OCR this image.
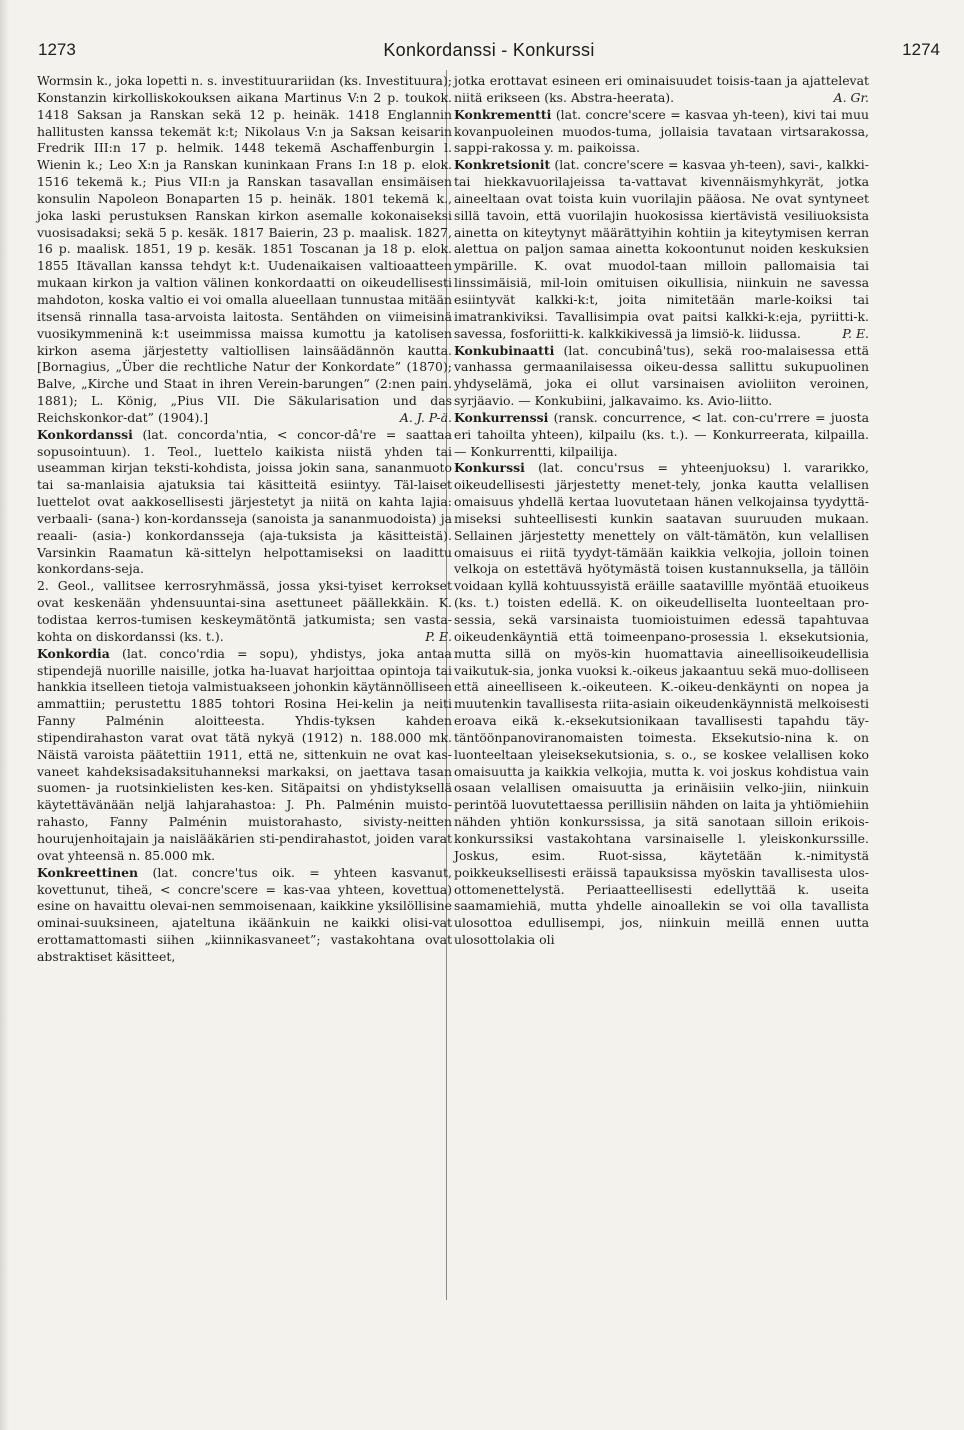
1273	Konkordanssi - Konkurssi	1274

Wormsin k., joka lopetti n. s. investituurariidan (ks. Investituura); Konstanzin kirkolliskokouksen aikana Martinus V:n 2 p. toukok. 1418 Saksan ja Ranskan sekä 12 p. heinäk. 1418 Englannin hallitusten kanssa tekemät k:t; Nikolaus V:n ja Saksan keisarin Fredrik III:n 17 p. helmik. 1448 tekemä Aschaffenburgin l. Wienin k.; Leo X:n ja Ranskan kuninkaan Frans I:n 18 p. elok. 1516 tekemä k.; Pius VII:n ja Ranskan tasavallan ensimäisen konsulin Napoleon Bonaparten 15 p. heinäk. 1801 tekemä k., joka laski perustuksen Ranskan kirkon asemalle kokonaiseksi vuosisadaksi; sekä 5 p. kesäk. 1817 Baierin, 23 p. maalisk. 1827, 16 p. maalisk. 1851, 19 p. kesäk. 1851 Toscanan ja 18 p. elok. 1855 Itävallan kanssa tehdyt k:t. Uudenaikaisen valtioaatteen mukaan kirkon ja valtion välinen konkordaatti on oikeudellisesti mahdoton, koska valtio ei voi omalla alueellaan tunnustaa mitään itsensä rinnalla tasa-arvoista laitosta. Sentähden on viimeisinä vuosikymmeninä k:t useimmissa maissa kumottu ja katolisen kirkon asema järjestetty valtiollisen lainsäädännön kautta. [Bornagius, „Über die rechtliche Natur der Konkordate” (1870); Balve, „Kirche und Staat in ihren Verein-barungen” (2:nen pain. 1881); L. König, „Pius VII. Die Säkularisation und das Reichskonkor-dat” (1904).]	A. J. P-ä.

Konkordanssi (lat. concorda'ntia, < concor-dâ're = saattaa sopusointuun). 1. Teol., luettelo kaikista niistä yhden tai useamman kirjan teksti-kohdista, joissa jokin sana, sananmuoto tai sa-manlaisia ajatuksia tai käsitteitä esiintyy. Täl-laiset luettelot ovat aakkosellisesti järjestetyt ja niitä on kahta lajia: verbaali- (sana-) kon-kordansseja (sanoista ja sananmuodoista) ja reaali- (asia-) konkordansseja (aja-tuksista ja käsitteistä). Varsinkin Raamatun kä-sittelyn helpottamiseksi on laadittu konkordans-seja.

2. Geol., vallitsee kerrosryhmässä, jossa yksi-tyiset kerrokset ovat keskenään yhdensuuntai-sina asettuneet päällekkäin. K. todistaa kerros-tumisen keskeymätöntä jatkumista; sen vasta-kohta on diskordanssi (ks. t.).	P. E.

Konkordia (lat. conco'rdia = sopu), yhdistys, joka antaa stipendejä nuorille naisille, jotka ha-luavat harjoittaa opintoja tai hankkia itselleen tietoja valmistuakseen johonkin käytännölliseen ammattiin; perustettu 1885 tohtori Rosina Hei-kelin ja neiti Fanny Palménin aloitteesta. Yhdis-tyksen kahden stipendirahaston varat ovat tätä nykyä (1912) n. 188.000 mk. Näistä varoista päätettiin 1911, että ne, sittenkuin ne ovat kas-vaneet kahdeksisadaksituhanneksi markaksi, on jaettava tasan suomen- ja ruotsinkielisten kes-ken. Sitäpaitsi on yhdistyksellä käytettävänään neljä lahjarahastoa: J. Ph. Palménin muisto-rahasto, Fanny Palménin muistorahasto, sivisty-neitten hourujenhoitajain ja naislääkärien sti-pendirahastot, joiden varat ovat yhteensä n. 85.000 mk.

Konkreettinen (lat. concre'tus oik. = yhteen kasvanut, kovettunut, tiheä, < concre'scere = kas-vaa yhteen, kovettua) esine on havaittu olevai-nen semmoisenaan, kaikkine yksilöllisine ominai-suuksineen, ajateltuna ikäänkuin ne kaikki olisi-vat erottamattomasti siihen „kiinnikasvaneet”; vastakohtana ovat abstraktiset käsitteet,

jotka erottavat esineen eri ominaisuudet toisis-taan ja ajattelevat niitä erikseen (ks. Abstra-heerata).	A. Gr.

Konkrementti (lat. concre'scere = kasvaa yh-teen), kivi tai muu kovanpuoleinen muodos-tuma, jollaisia tavataan virtsarakossa, sappi-rakossa y. m. paikoissa.

Konkretsionit (lat. concre'scere = kasvaa yh-teen), savi-, kalkki- tai hiekkavuorilajeissa ta-vattavat kivennäismyhkyrät, jotka aineeltaan ovat toista kuin vuorilajin pääosa. Ne ovat syntyneet sillä tavoin, että vuorilajin huokosissa kiertävistä vesiliuoksista ainetta on kiteytynyt määrättyihin kohtiin ja kiteytymisen kerran alettua on paljon samaa ainetta kokoontunut noiden keskuksien ympärille. K. ovat muodol-taan milloin pallomaisia tai linssimäisiä, mil-loin omituisen oikullisia, niinkuin ne savessa esiintyvät kalkki-k:t, joita nimitetään marle-koiksi tai imatrankiviksi. Tavallisimpia ovat paitsi kalkki-k:eja, pyriitti-k. savessa, fosforiitti-k. kalkkikivessä ja limsiö-k. liidussa.	P. E.

Konkubinaatti (lat. concubinâ'tus), sekä roo-malaisessa että vanhassa germaanilaisessa oikeu-dessa sallittu sukupuolinen yhdyselämä, joka ei ollut varsinaisen avioliiton veroinen, syrjäavio. — Konkubiini, jalkavaimo. ks. Avio-liitto.

Konkurrenssi (ransk. concurrence, < lat. con-cu'rrere = juosta eri tahoilta yhteen), kilpailu (ks. t.). — Konkurreerata, kilpailla. — Konkurrentti, kilpailija.

Konkurssi (lat. concu'rsus = yhteenjuoksu) l. vararikko, oikeudellisesti järjestetty menet-tely, jonka kautta velallisen omaisuus yhdellä kertaa luovutetaan hänen velkojainsa tyydyttä-miseksi suhteellisesti kunkin saatavan suuruuden mukaan. Sellainen järjestetty menettely on vält-tämätön, kun velallisen omaisuus ei riitä tyydyt-tämään kaikkia velkojia, jolloin toinen velkoja on estettävä hyötymästä toisen kustannuksella, ja tällöin voidaan kyllä kohtuussyistä eräille saatavillle myöntää etuoikeus (ks. t.) toisten edellä. K. on oikeudelliselta luonteeltaan pro-sessia, sekä varsinaista tuomioistuimen edessä tapahtuvaa oikeudenkäyntiä että toimeenpano-prosessia l. eksekutsionia, mutta sillä on myös-kin huomattavia aineellisoikeudellisia vaikutuk-sia, jonka vuoksi k.-oikeus jakaantuu sekä muo-dolliseen että aineelliseen k.-oikeuteen. K.-oikeu-denkäynti on nopea ja muutenkin tavallisesta riita-asiain oikeudenkäynnistä melkoisesti eroava eikä k.-eksekutsionikaan tavallisesti tapahdu täy-täntöönpanoviranomaisten toimesta. Eksekutsio-nina k. on luonteeltaan yleiseksekutsionia, s. o., se koskee velallisen koko omaisuutta ja kaikkia velkojia, mutta k. voi joskus kohdistua vain osaan velallisen omaisuutta ja erinäisiin velko-jiin, niinkuin perintöä luovutettaessa perillisiin nähden on laita ja yhtiömiehiin nähden yhtiön konkurssissa, ja sitä sanotaan silloin erikois-konkurssiksi vastakohtana varsinaiselle l. yleiskonkurssille. Joskus, esim. Ruot-sissa, käytetään k.-nimitystä poikkeuksellisesti eräissä tapauksissa myöskin tavallisesta ulos-ottomenettelystä. Periaatteellisesti edellyttää k. useita saamamiehiä, mutta yhdelle ainoallekin se voi olla tavallista ulosottoa edullisempi, jos, niinkuin meillä ennen uutta ulosottolakia oli
